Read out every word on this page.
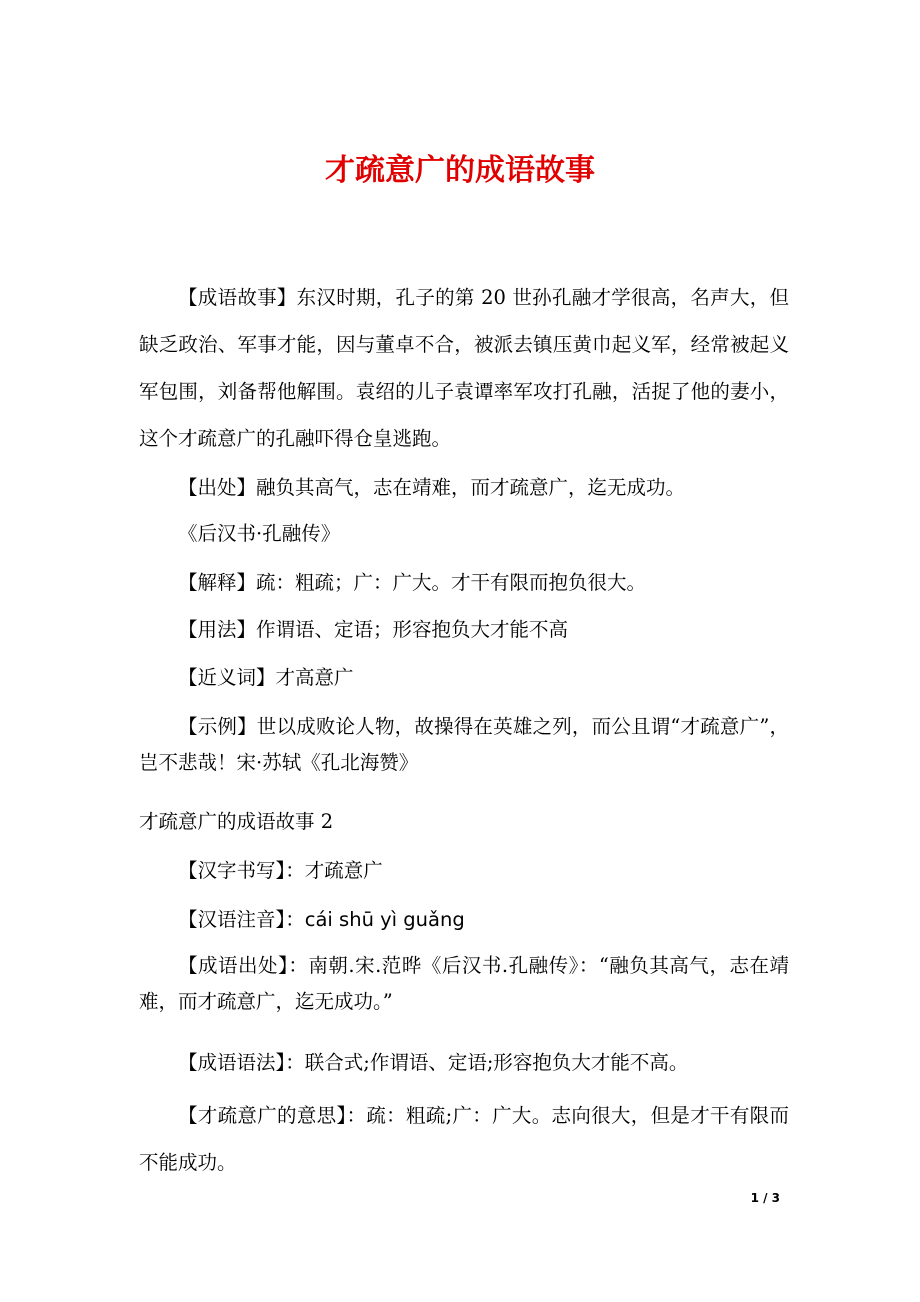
才疏意广的成语故事

【成语故事】东汉时期，孔子的第 20 世孙孔融才学很高，名声大，但缺乏政治、军事才能，因与董卓不合，被派去镇压黄巾起义军，经常被起义军包围，刘备帮他解围。袁绍的儿子袁谭率军攻打孔融，活捉了他的妻小，这个才疏意广的孔融吓得仓皇逃跑。

【出处】融负其高气，志在靖难，而才疏意广，迄无成功。

《后汉书·孔融传》

【解释】疏：粗疏；广：广大。才干有限而抱负很大。

【用法】作谓语、定语；形容抱负大才能不高

【近义词】才高意广

【示例】世以成败论人物，故操得在英雄之列，而公且谓“才疏意广”，岂不悲哉！宋·苏轼《孔北海赞》

才疏意广的成语故事 2

【汉字书写】：才疏意广

【汉语注音】：cái shū yì guǎng

【成语出处】：南朝.宋.范晔《后汉书.孔融传》：“融负其高气，志在靖难，而才疏意广，迄无成功。”

【成语语法】：联合式;作谓语、定语;形容抱负大才能不高。

【才疏意广的意思】：疏：粗疏;广：广大。志向很大，但是才干有限而不能成功。

1 / 3
